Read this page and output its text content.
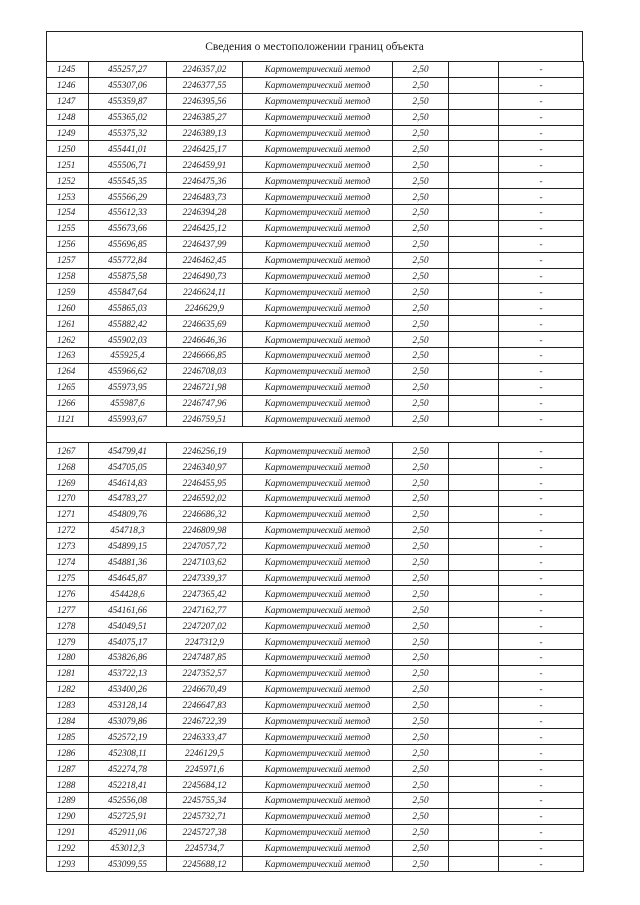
Сведения о местоположении границ объекта
1245	455257,27	2246357,02	Картометрический метод	2,50		-
1246	455307,06	2246377,55	Картометрический метод	2,50		-
1247	455359,87	2246395,56	Картометрический метод	2,50		-
1248	455365,02	2246385,27	Картометрический метод	2,50		-
1249	455375,32	2246389,13	Картометрический метод	2,50		-
1250	455441,01	2246425,17	Картометрический метод	2,50		-
1251	455506,71	2246459,91	Картометрический метод	2,50		-
1252	455545,35	2246475,36	Картометрический метод	2,50		-
1253	455566,29	2246483,73	Картометрический метод	2,50		-
1254	455612,33	2246394,28	Картометрический метод	2,50		-
1255	455673,66	2246425,12	Картометрический метод	2,50		-
1256	455696,85	2246437,99	Картометрический метод	2,50		-
1257	455772,84	2246462,45	Картометрический метод	2,50		-
1258	455875,58	2246490,73	Картометрический метод	2,50		-
1259	455847,64	2246624,11	Картометрический метод	2,50		-
1260	455865,03	2246629,9	Картометрический метод	2,50		-
1261	455882,42	2246635,69	Картометрический метод	2,50		-
1262	455902,03	2246646,36	Картометрический метод	2,50		-
1263	455925,4	2246666,85	Картометрический метод	2,50		-
1264	455966,62	2246708,03	Картометрический метод	2,50		-
1265	455973,95	2246721,98	Картометрический метод	2,50		-
1266	455987,6	2246747,96	Картометрический метод	2,50		-
1121	455993,67	2246759,51	Картометрический метод	2,50		-

1267	454799,41	2246256,19	Картометрический метод	2,50		-
1268	454705,05	2246340,97	Картометрический метод	2,50		-
1269	454614,83	2246455,95	Картометрический метод	2,50		-
1270	454783,27	2246592,02	Картометрический метод	2,50		-
1271	454809,76	2246686,32	Картометрический метод	2,50		-
1272	454718,3	2246809,98	Картометрический метод	2,50		-
1273	454899,15	2247057,72	Картометрический метод	2,50		-
1274	454881,36	2247103,62	Картометрический метод	2,50		-
1275	454645,87	2247339,37	Картометрический метод	2,50		-
1276	454428,6	2247365,42	Картометрический метод	2,50		-
1277	454161,66	2247162,77	Картометрический метод	2,50		-
1278	454049,51	2247207,02	Картометрический метод	2,50		-
1279	454075,17	2247312,9	Картометрический метод	2,50		-
1280	453826,86	2247487,85	Картометрический метод	2,50		-
1281	453722,13	2247352,57	Картометрический метод	2,50		-
1282	453400,26	2246670,49	Картометрический метод	2,50		-
1283	453128,14	2246647,83	Картометрический метод	2,50		-
1284	453079,86	2246722,39	Картометрический метод	2,50		-
1285	452572,19	2246333,47	Картометрический метод	2,50		-
1286	452308,11	2246129,5	Картометрический метод	2,50		-
1287	452274,78	2245971,6	Картометрический метод	2,50		-
1288	452218,41	2245684,12	Картометрический метод	2,50		-
1289	452556,08	2245755,34	Картометрический метод	2,50		-
1290	452725,91	2245732,71	Картометрический метод	2,50		-
1291	452911,06	2245727,38	Картометрический метод	2,50		-
1292	453012,3	2245734,7	Картометрический метод	2,50		-
1293	453099,55	2245688,12	Картометрический метод	2,50		-
